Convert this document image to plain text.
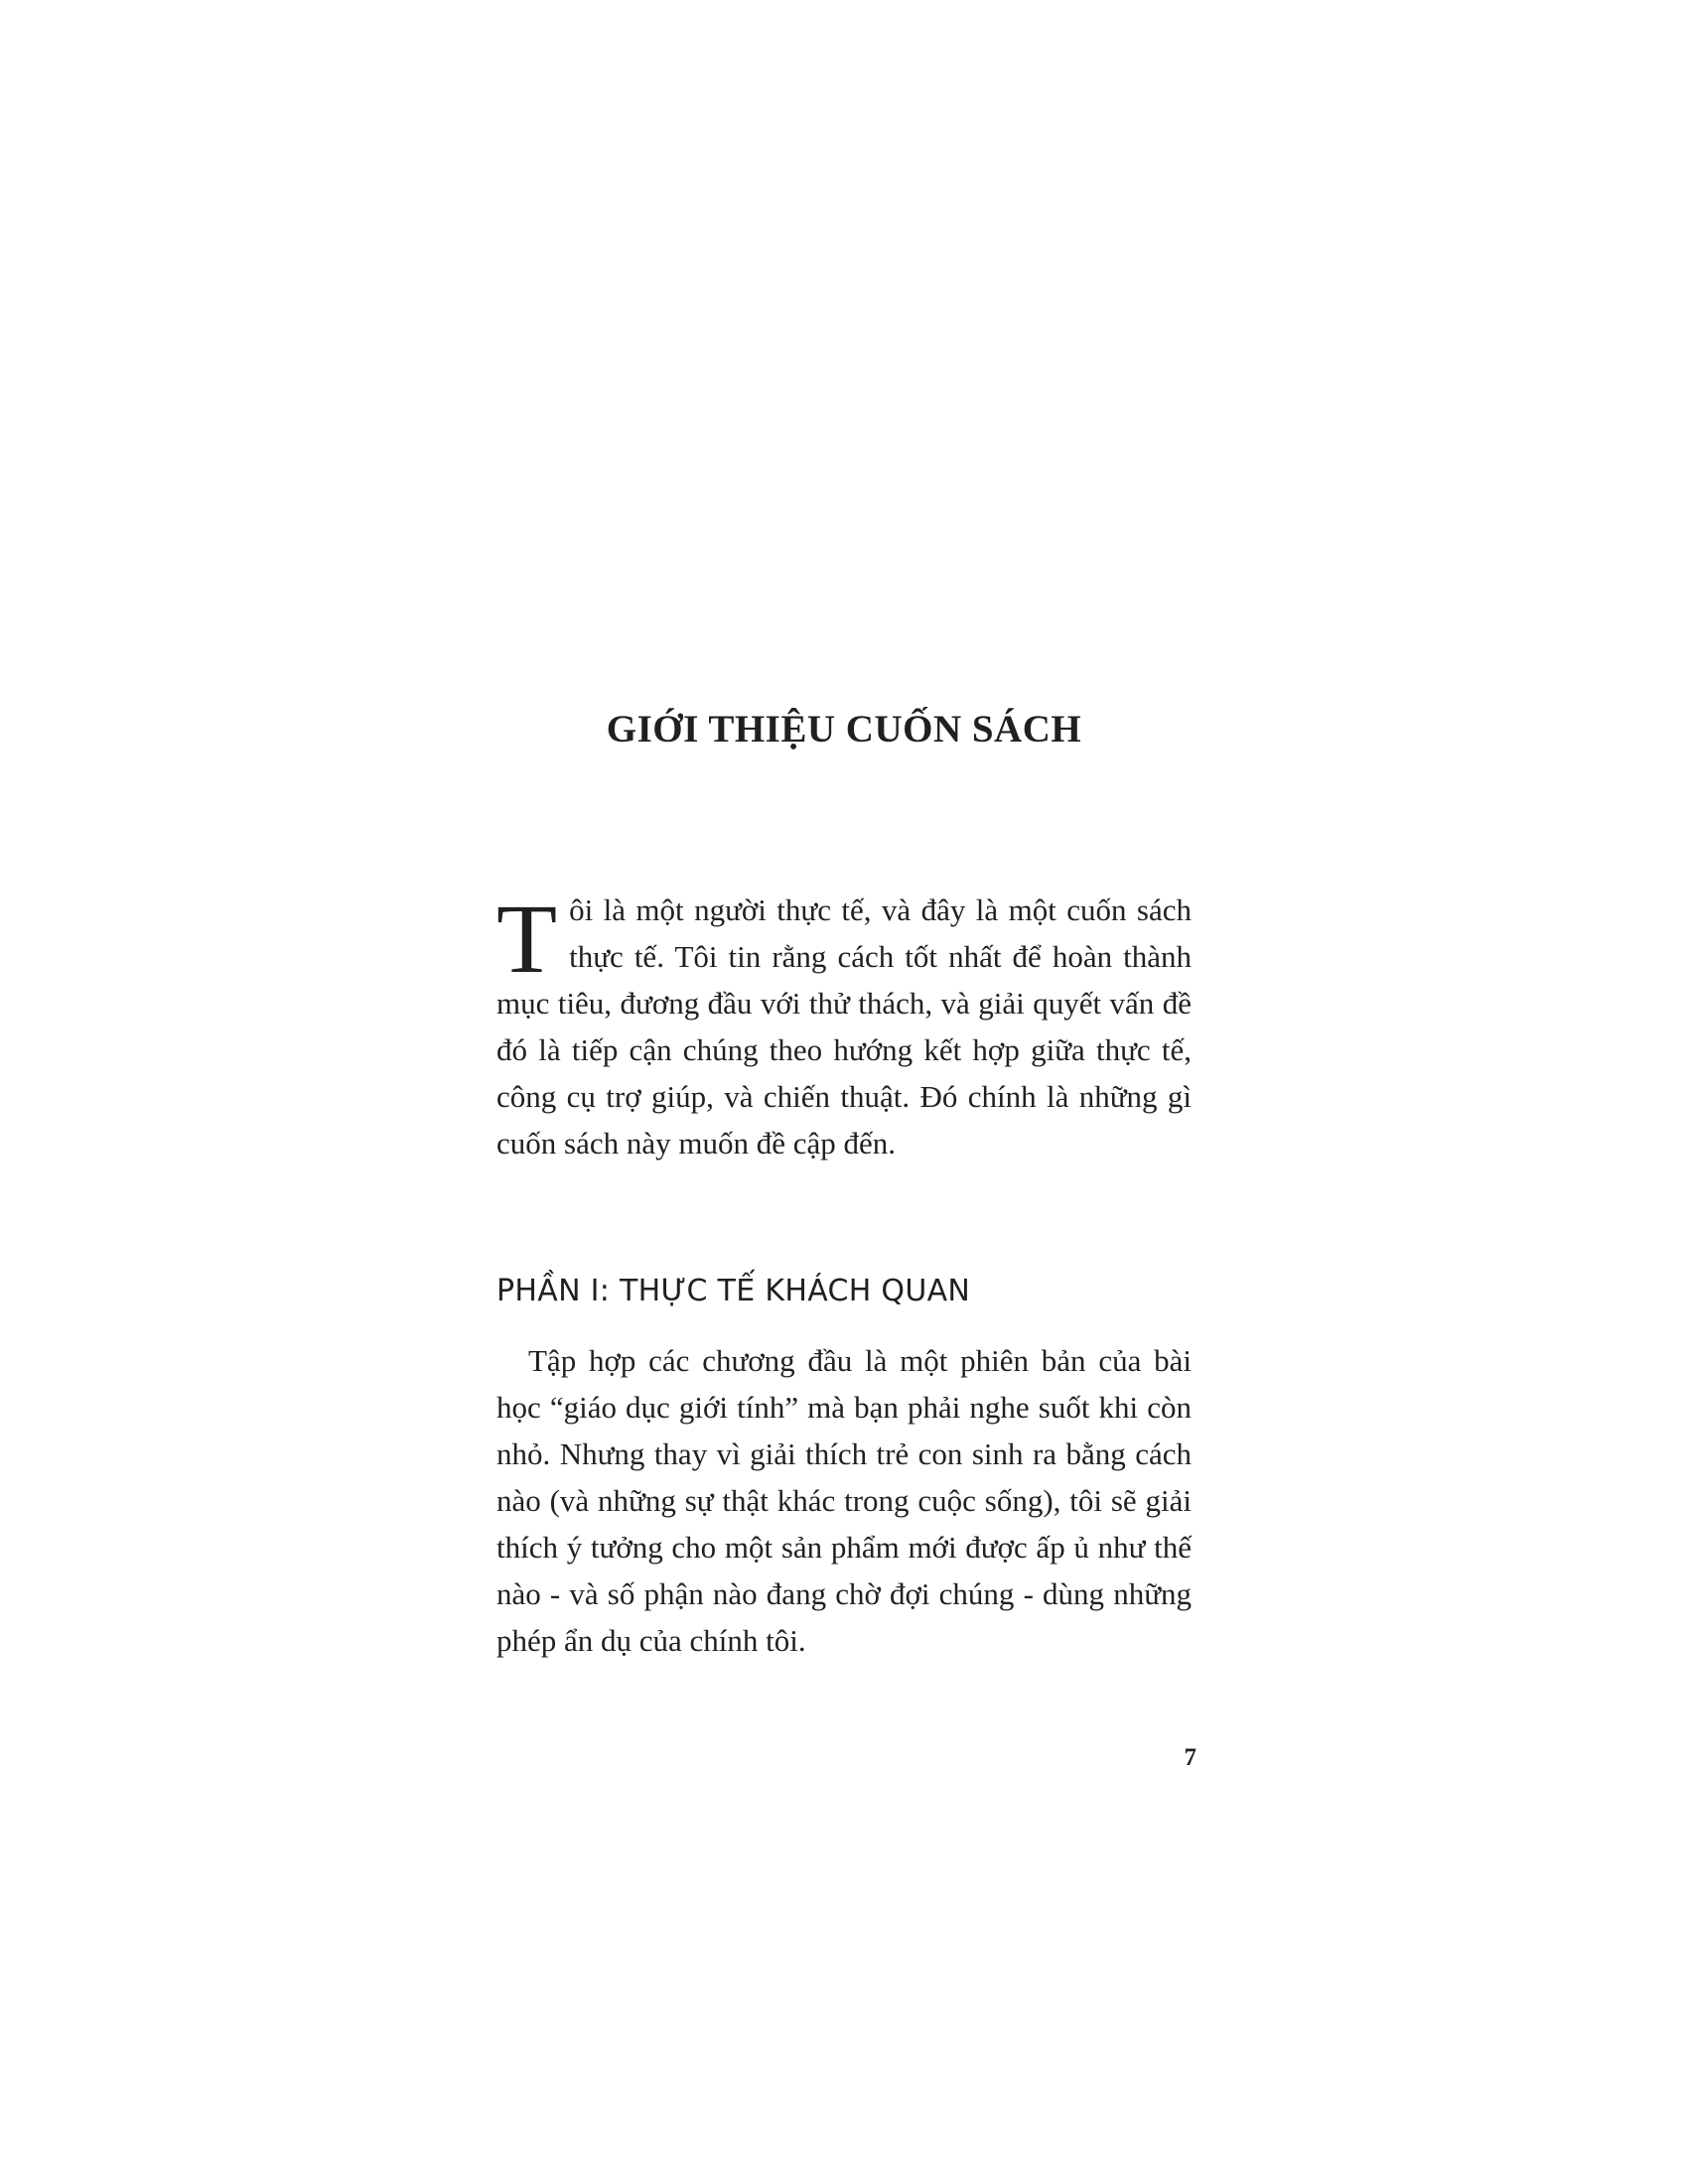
GIỚI THIỆU CUỐN SÁCH

Tôi là một người thực tế, và đây là một cuốn sách thực tế. Tôi tin rằng cách tốt nhất để hoàn thành mục tiêu, đương đầu với thử thách, và giải quyết vấn đề đó là tiếp cận chúng theo hướng kết hợp giữa thực tế, công cụ trợ giúp, và chiến thuật. Đó chính là những gì cuốn sách này muốn đề cập đến.

PHẦN I: THỰC TẾ KHÁCH QUAN

Tập hợp các chương đầu là một phiên bản của bài học “giáo dục giới tính” mà bạn phải nghe suốt khi còn nhỏ. Nhưng thay vì giải thích trẻ con sinh ra bằng cách nào (và những sự thật khác trong cuộc sống), tôi sẽ giải thích ý tưởng cho một sản phẩm mới được ấp ủ như thế nào - và số phận nào đang chờ đợi chúng - dùng những phép ẩn dụ của chính tôi.

7
